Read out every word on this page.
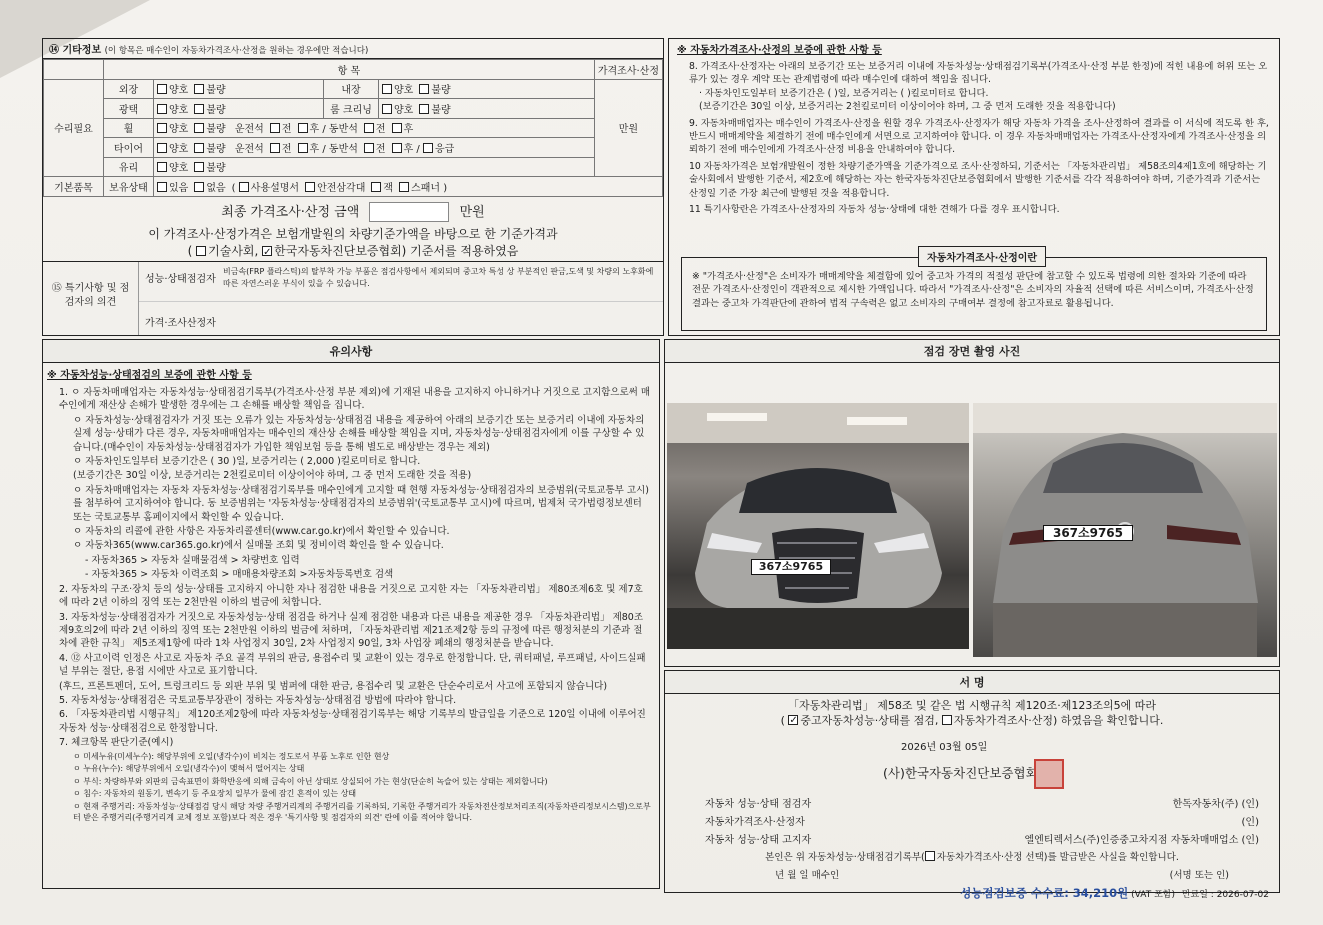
⑭ 기타정보 (이 항목은 매수인이 자동차가격조사·산정을 원하는 경우에만 적습니다)
	항 목				가격조사·산정
수리필요	외장	양호 불량	내장	양호 불량	만원
	광택	양호 불량	룸 크리닝	양호 불량	
	휠	양호 불량 운전석 전 후 / 동반석 전 후			
	타이어	양호 불량 운전석 전 후 / 동반석 전 후 / 응급			
	유리	양호 불량			
기본품목	보유상태	있음 없음 ( 사용설명서 안전삼각대 잭 스패너 )			
최종 가격조사·산정 금액	만원
이 가격조사·산정가격은 보험개발원의 차량기준가액을 바탕으로 한 기준가격과
( 기술사회, ✓ 한국자동차진단보증협회) 기준서를 적용하였음
⑮ 특기사항 및 점검자의 의견
성능·상태점검자
비금속(FRP 플라스틱)의 탈부착 가능 부품은 점검사항에서 제외되며 중고차 특성 상 부분적인 판금,도색 및 차량의 노후화에 따른 자연스러운 부식이 있을 수 있습니다.
가격·조사산정자
※ 자동차가격조사·산정의 보증에 관한 사항 등

8. 가격조사·산정자는 아래의 보증기간 또는 보증거리 이내에 자동차성능·상태점검기록부(가격조사·산정 부분 한정)에 적힌 내용에 허위 또는 오류가 있는 경우 계약 또는 관계법령에 따라 매수인에 대하여 책임을 집니다.

· 자동차인도일부터 보증기간은 ( )일, 보증거리는 ( )킬로미터로 합니다.

(보증기간은 30일 이상, 보증거리는 2천킬로미터 이상이어야 하며, 그 중 먼저 도래한 것을 적용합니다)

9. 자동차매매업자는 매수인이 가격조사·산정을 원할 경우 가격조사·산정자가 해당 자동차 가격을 조사·산정하여 결과를 이 서식에 적도록 한 후, 반드시 매매계약을 체결하기 전에 매수인에게 서면으로 고지하여야 합니다. 이 경우 자동차매매업자는 가격조사·산정자에게 가격조사·산정을 의뢰하기 전에 매수인에게 가격조사·산정 비용을 안내하여야 합니다.

10 자동차가격은 보험개발원이 정한 차량기준가액을 기준가격으로 조사·산정하되, 기준서는 「자동차관리법」 제58조의4제1호에 해당하는 기술사회에서 발행한 기준서, 제2호에 해당하는 자는 한국자동차진단보증협회에서 발행한 기준서를 각각 적용하여야 하며, 기준가격과 기준서는 산정일 기준 가장 최근에 발행된 것을 적용합니다.

11 특기사항란은 가격조사·산정자의 자동차 성능·상태에 대한 견해가 다를 경우 표시합니다.

자동차가격조사·산정이란
※ "가격조사·산정"은 소비자가 매매계약을 체결함에 있어 중고차 가격의 적절성 판단에 참고할 수 있도록 법령에 의한 절차와 기준에 따라 전문 가격조사·산정인이 객관적으로 제시한 가액입니다. 따라서 "가격조사·산정"은 소비자의 자율적 선택에 따른 서비스이며, 가격조사·산정 결과는 중고차 가격판단에 관하여 법적 구속력은 없고 소비자의 구매여부 결정에 참고자료로 활용됩니다.
유의사항
※ 자동차성능·상태점검의 보증에 관한 사항 등

1. ㅇ 자동차매매업자는 자동차성능·상태점검기록부(가격조사·산정 부분 제외)에 기재된 내용을 고지하지 아니하거나 거짓으로 고지함으로써 매수인에게 재산상 손해가 발생한 경우에는 그 손해를 배상할 책임을 집니다.

ㅇ 자동차성능·상태점검자가 거짓 또는 오류가 있는 자동차성능·상태점검 내용을 제공하여 아래의 보증기간 또는 보증거리 이내에 자동차의 실제 성능·상태가 다른 경우, 자동차매매업자는 매수인의 재산상 손해를 배상할 책임을 지며, 자동차성능·상태점검자에게 이를 구상할 수 있습니다.(매수인이 자동차성능·상태점검자가 가입한 책임보험 등을 통해 별도로 배상받는 경우는 제외)

ㅇ 자동차인도일부터 보증기간은 ( 30 )일, 보증거리는 ( 2,000 )킬로미터로 합니다.

(보증기간은 30일 이상, 보증거리는 2천킬로미터 이상이어야 하며, 그 중 먼저 도래한 것을 적용)

ㅇ 자동차매매업자는 자동차 자동차성능·상태점검기록부를 매수인에게 고지할 때 현행 자동차성능·상태점검자의 보증범위(국토교통부 고시)를 첨부하여 고지하여야 합니다. 동 보증범위는 '자동차성능·상태점검자의 보증범위'(국토교통부 고시)에 따르며, 법제처 국가법령정보센터 또는 국토교통부 홈페이지에서 확인할 수 있습니다.

ㅇ 자동차의 리콜에 관한 사항은 자동차리콜센터(www.car.go.kr)에서 확인할 수 있습니다.

ㅇ 자동차365(www.car365.go.kr)에서 실매물 조회 및 정비이력 확인을 할 수 있습니다.

- 자동차365 > 자동차 실매물검색 > 차량번호 입력

- 자동차365 > 자동차 이력조회 > 매매용차량조회 >자동차등록번호 검색

2. 자동차의 구조·장치 등의 성능·상태를 고지하지 아니한 자나 점검한 내용을 거짓으로 고지한 자는 「자동차관리법」 제80조제6호 및 제7호에 따라 2년 이하의 징역 또는 2천만원 이하의 벌금에 처합니다.

3. 자동차성능·상태점검자가 거짓으로 자동차성능·상태 점검을 하거나 실제 점검한 내용과 다른 내용을 제공한 경우 「자동차관리법」 제80조제9호의2에 따라 2년 이하의 징역 또는 2천만원 이하의 벌금에 처하며, 「자동차관리법 제21조제2항 등의 규정에 따른 행정처분의 기준과 절차에 관한 규칙」 제5조제1항에 따라 1차 사업정지 30일, 2차 사업정지 90일, 3차 사업장 폐쇄의 행정처분을 받습니다.

4. ⑫ 사고이력 인정은 사고로 자동차 주요 골격 부위의 판금, 용접수리 및 교환이 있는 경우로 한정합니다. 단, 쿼터패널, 루프패널, 사이드실패널 부위는 절단, 용접 시에만 사고로 표기합니다.

(후드, 프론트펜더, 도어, 트렁크리드 등 외판 부위 및 범퍼에 대한 판금, 용접수리 및 교환은 단순수리로서 사고에 포함되지 않습니다)

5. 자동차성능·상태점검은 국토교통부장관이 정하는 자동차성능·상태점검 방법에 따라야 합니다.

6. 「자동차관리법 시행규칙」 제120조제2항에 따라 자동차성능·상태점검기록부는 해당 기록부의 발급일을 기준으로 120일 이내에 이루어진 자동차 성능·상태점검으로 한정합니다.

7. 체크항목 판단기준(예시)

ㅇ 미세누유(미세누수): 해당부위에 오일(냉각수)이 비치는 정도로서 부품 노후로 인한 현상

ㅇ 누유(누수): 해당부위에서 오일(냉각수)이 맺혀서 떨어지는 상태

ㅇ 부식: 차량하부와 외판의 금속표면이 화학반응에 의해 금속이 아닌 상태로 상실되어 가는 현상(단순히 녹슬어 있는 상태는 제외합니다)

ㅇ 침수: 자동차의 원동기, 변속기 등 주요장치 일부가 물에 잠긴 흔적이 있는 상태

ㅇ 현재 주행거리: 자동차성능·상태점검 당시 해당 차량 주행거리계의 주행거리를 기록하되, 기록한 주행거리가 자동차전산정보처리조직(자동차관리정보시스템)으로부터 받은 주행거리(주행거리계 교체 정보 포함)보다 적은 경우 '특기사항 및 점검자의 의견' 란에 이를 적어야 합니다.

점검 장면 촬영 사진
367소9765
367소9765
서 명
「자동차관리법」 제58조 및 같은 법 시행규칙 제120조·제123조의5에 따라
( ✓중고자동차성능·상태를 점검, 자동차가격조사·산정) 하였음을 확인합니다.
2026년 03월 05일
(사)한국자동차진단보증협회
자동차 성능·상태 점검자	한독자동차(주) (인)
자동차가격조사·산정자	(인)
자동차 성능·상태 고지자	엘엔티렉서스(주)인증중고차지점 자동차매매업소 (인)
본인은 위 자동차성능·상태점검기록부( 자동차가격조사·산정 선택)를 발급받은 사실을 확인합니다.
년 월 일 매수인	(서명 또는 인)
성능점검보증 수수료: 34,210원 (VAT 포함) 만료일 : 2026-07-02
